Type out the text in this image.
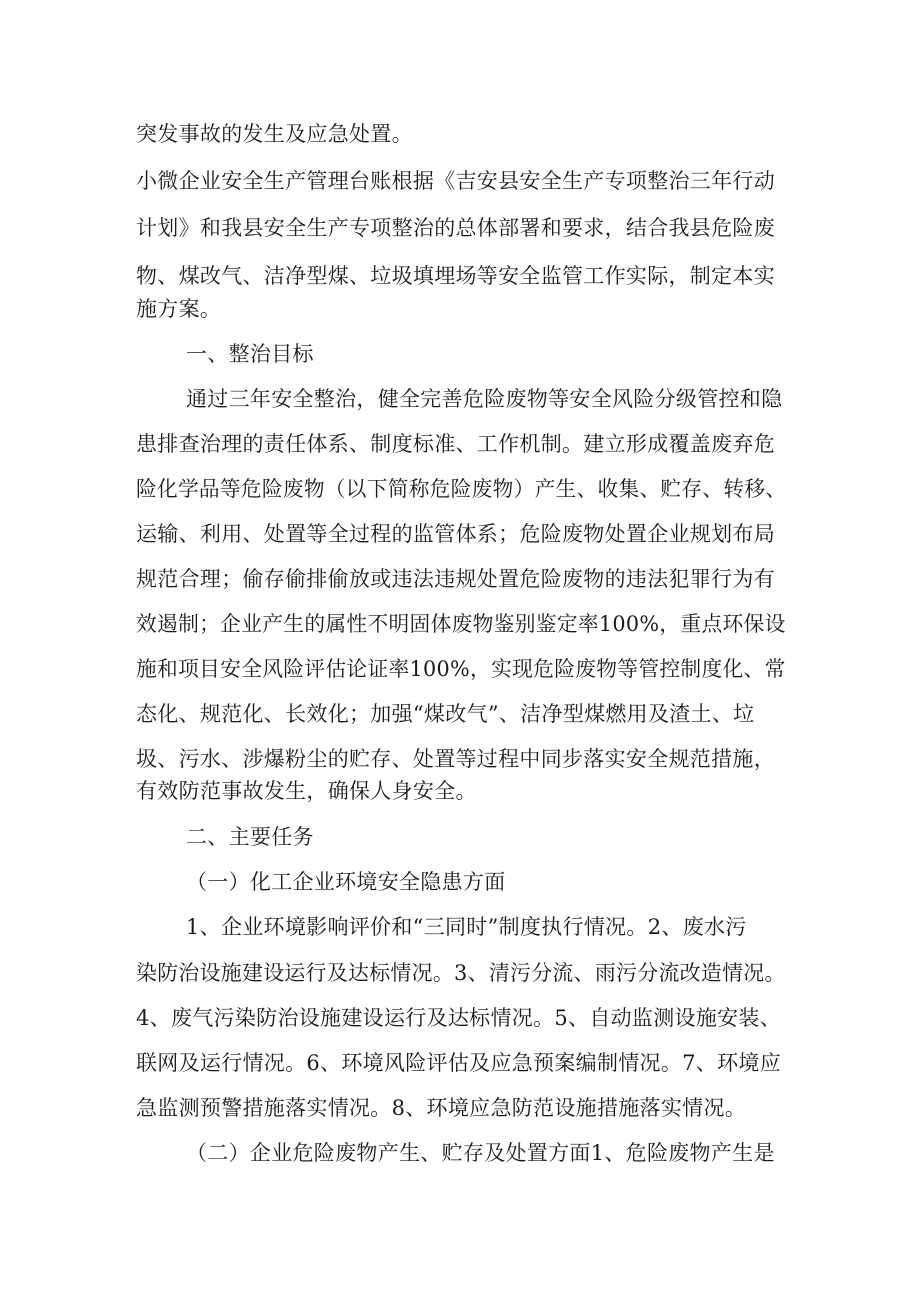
突发事故的发生及应急处置。
小微企业安全生产管理台账根据《吉安县安全生产专项整治三年行动
计划》和我县安全生产专项整治的总体部署和要求，结合我县危险废
物、煤改气、洁净型煤、垃圾填埋场等安全监管工作实际，制定本实
施方案。
一、整治目标
通过三年安全整治，健全完善危险废物等安全风险分级管控和隐
患排查治理的责任体系、制度标准、工作机制。建立形成覆盖废弃危
险化学品等危险废物（以下简称危险废物）产生、收集、贮存、转移、
运输、利用、处置等全过程的监管体系；危险废物处置企业规划布局
规范合理；偷存偷排偷放或违法违规处置危险废物的违法犯罪行为有
效遏制；企业产生的属性不明固体废物鉴别鉴定率100%，重点环保设
施和项目安全风险评估论证率100%，实现危险废物等管控制度化、常
态化、规范化、长效化；加强“煤改气”、洁净型煤燃用及渣土、垃
圾、污水、涉爆粉尘的贮存、处置等过程中同步落实安全规范措施，
有效防范事故发生，确保人身安全。
二、主要任务
（一）化工企业环境安全隐患方面
1、企业环境影响评价和“三同时”制度执行情况。2、废水污
染防治设施建设运行及达标情况。3、清污分流、雨污分流改造情况。
4、废气污染防治设施建设运行及达标情况。5、自动监测设施安装、
联网及运行情况。6、环境风险评估及应急预案编制情况。7、环境应
急监测预警措施落实情况。8、环境应急防范设施措施落实情况。
（二）企业危险废物产生、贮存及处置方面1、危险废物产生是
